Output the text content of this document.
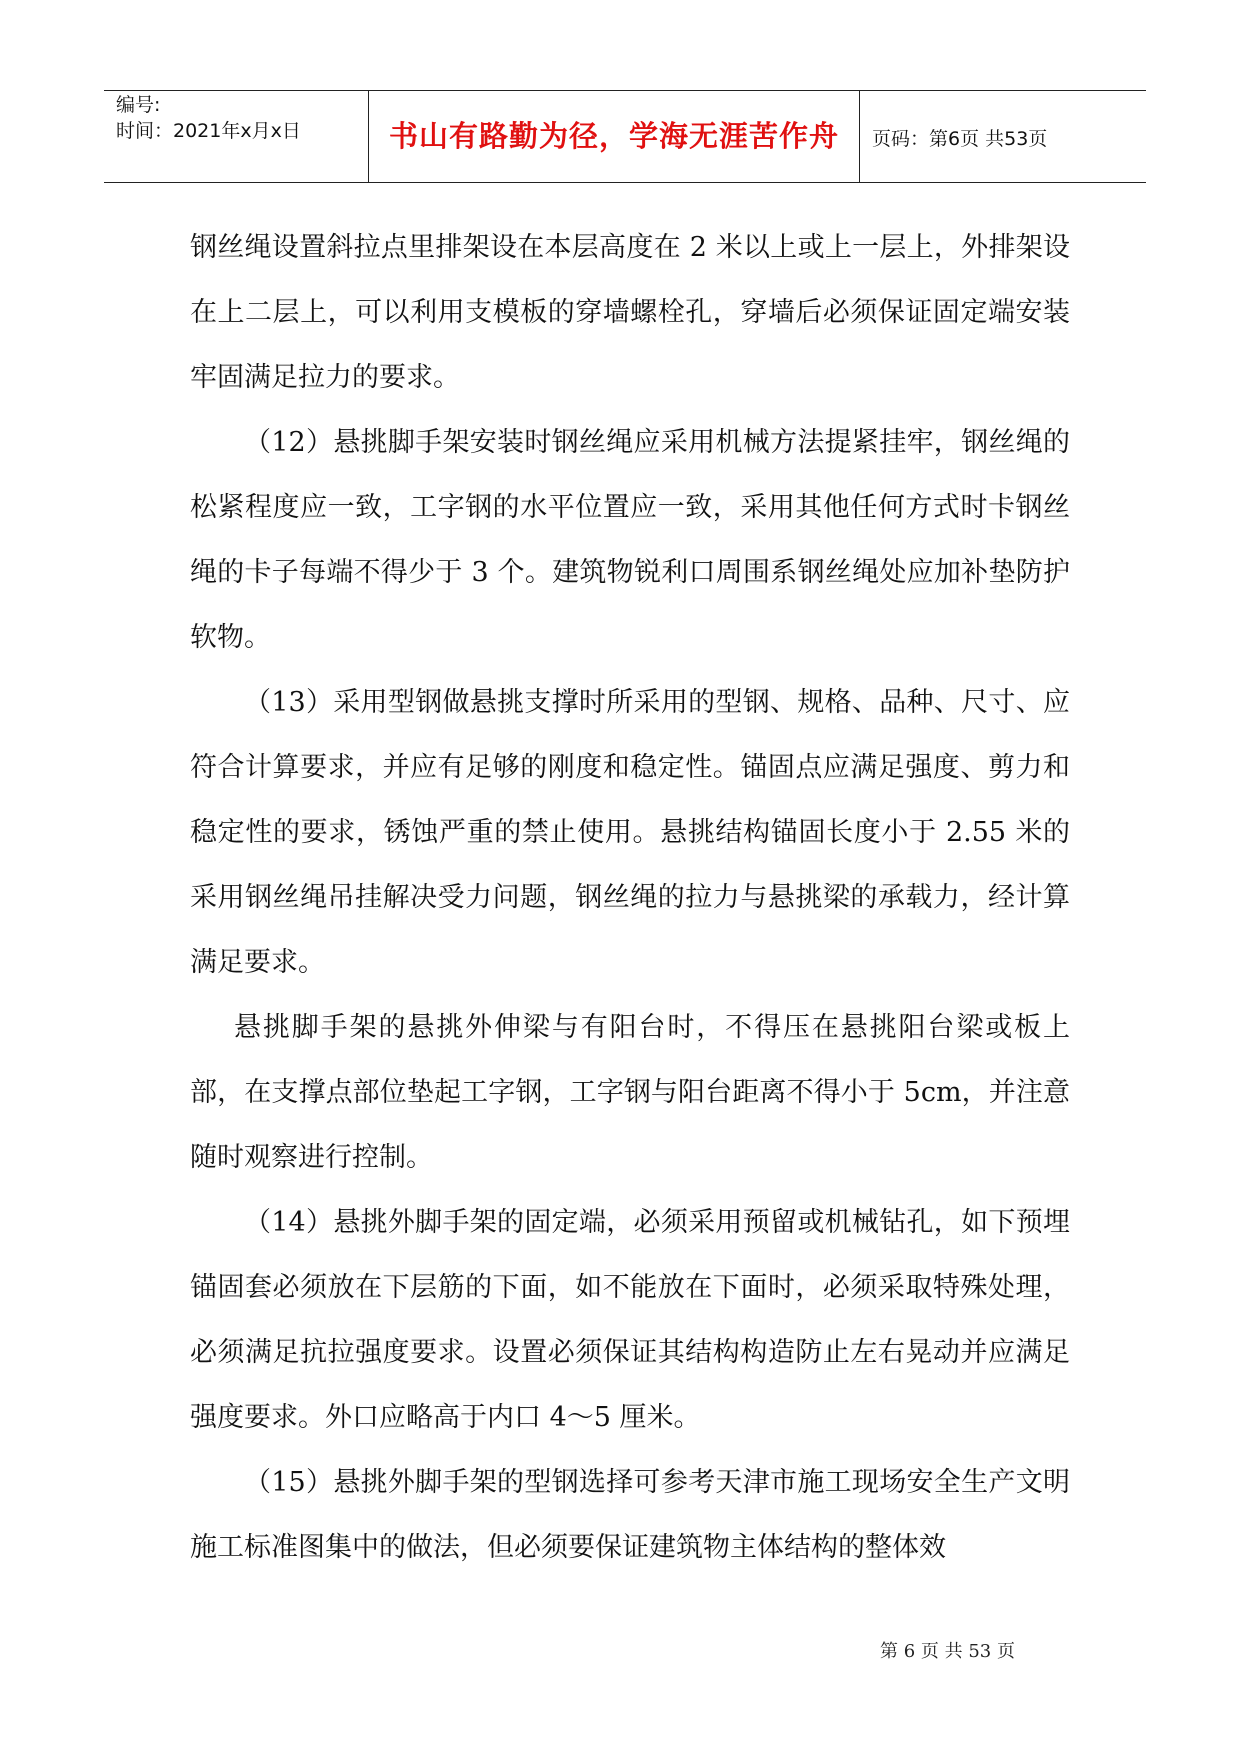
编号:
时间：2021年x月x日	书山有路勤为径，学海无涯苦作舟	页码：第6页 共53页

钢丝绳设置斜拉点里排架设在本层高度在 2 米以上或上一层上，外排架设在上二层上，可以利用支模板的穿墙螺栓孔，穿墙后必须保证固定端安装牢固满足拉力的要求。

（12）悬挑脚手架安装时钢丝绳应采用机械方法提紧挂牢，钢丝绳的松紧程度应一致，工字钢的水平位置应一致，采用其他任何方式时卡钢丝绳的卡子每端不得少于 3 个。建筑物锐利口周围系钢丝绳处应加补垫防护软物。

（13）采用型钢做悬挑支撑时所采用的型钢、规格、品种、尺寸、应符合计算要求，并应有足够的刚度和稳定性。锚固点应满足强度、剪力和稳定性的要求，锈蚀严重的禁止使用。悬挑结构锚固长度小于 2.55 米的采用钢丝绳吊挂解决受力问题，钢丝绳的拉力与悬挑梁的承载力，经计算满足要求。

悬挑脚手架的悬挑外伸梁与有阳台时，不得压在悬挑阳台梁或板上部，在支撑点部位垫起工字钢，工字钢与阳台距离不得小于 5cm，并注意随时观察进行控制。

（14）悬挑外脚手架的固定端，必须采用预留或机械钻孔，如下预埋锚固套必须放在下层筋的下面，如不能放在下面时，必须采取特殊处理，必须满足抗拉强度要求。设置必须保证其结构构造防止左右晃动并应满足强度要求。外口应略高于内口 4～5 厘米。

（15）悬挑外脚手架的型钢选择可参考天津市施工现场安全生产文明施工标准图集中的做法，但必须要保证建筑物主体结构的整体效

第 6 页 共 53 页
